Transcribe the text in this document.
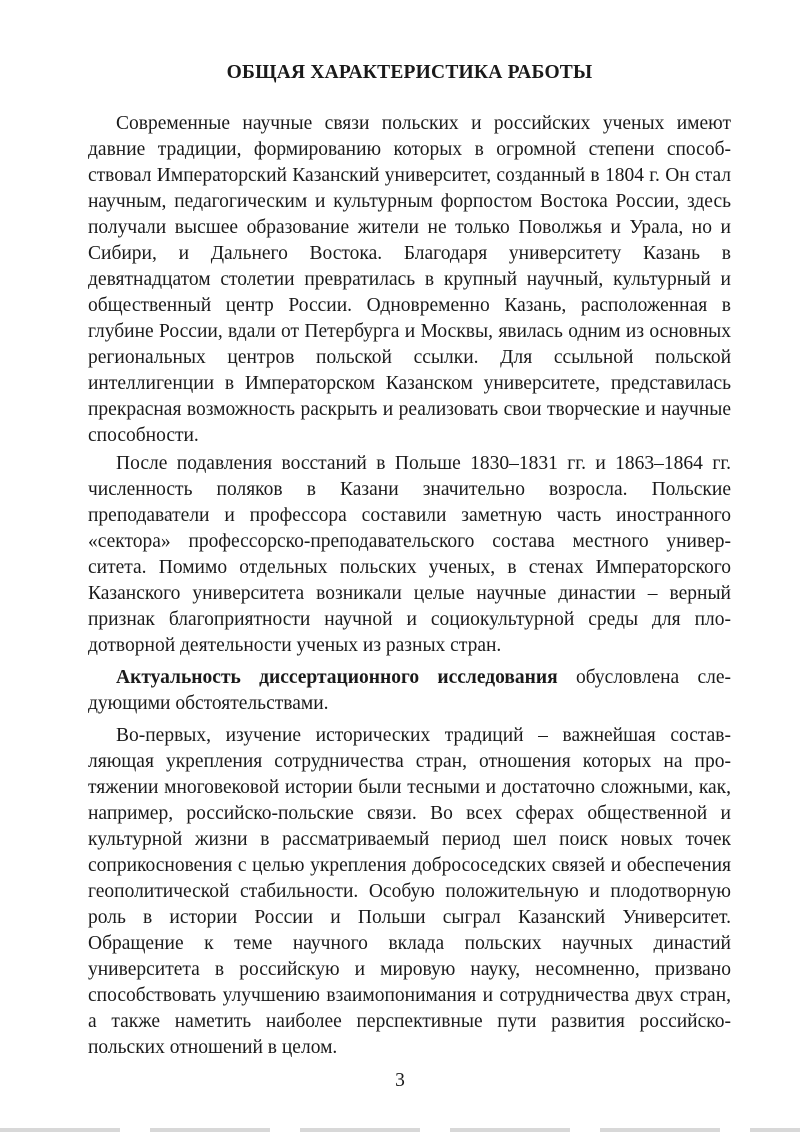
ОБЩАЯ ХАРАКТЕРИСТИКА РАБОТЫ

Современные научные связи польских и российских ученых имеют давние традиции, формированию которых в огромной степени способствовал Императорский Казанский университет, созданный в 1804 г. Он стал научным, педагогическим и культурным форпостом Востока России, здесь получали высшее образование жители не только Поволжья и Урала, но и Сибири, и Дальнего Востока. Благодаря университету Казань в девятнадцатом столетии превратилась в крупный научный, культурный и общественный центр России. Одновременно Казань, расположенная в глубине России, вдали от Петербурга и Москвы, явилась одним из основных региональных центров польской ссылки. Для ссыльной польской интеллигенции в Императорском Казанском университете, представилась прекрасная возможность раскрыть и реализовать свои творческие и научные способности.

После подавления восстаний в Польше 1830–1831 гг. и 1863–1864 гг. численность поляков в Казани значительно возросла. Польские преподаватели и профессора составили заметную часть иностранного «сектора» профессорско-преподавательского состава местного университета. Помимо отдельных польских ученых, в стенах Императорского Казанского университета возникали целые научные династии – верный признак благоприятности научной и социокультурной среды для плодотворной деятельности ученых из разных стран.

Актуальность диссертационного исследования обусловлена следующими обстоятельствами.

Во-первых, изучение исторических традиций – важнейшая составляющая укрепления сотрудничества стран, отношения которых на протяжении многовековой истории были тесными и достаточно сложными, как, например, российско-польские связи. Во всех сферах общественной и культурной жизни в рассматриваемый период шел поиск новых точек соприкосновения с целью укрепления добрососедских связей и обеспечения геополитической стабильности. Особую положительную и плодотворную роль в истории России и Польши сыграл Казанский Университет. Обращение к теме научного вклада польских научных династий университета в российскую и мировую науку, несомненно, призвано способствовать улучшению взаимопонимания и сотрудничества двух стран, а также наметить наиболее перспективные пути развития российско-польских отношений в целом.

3
